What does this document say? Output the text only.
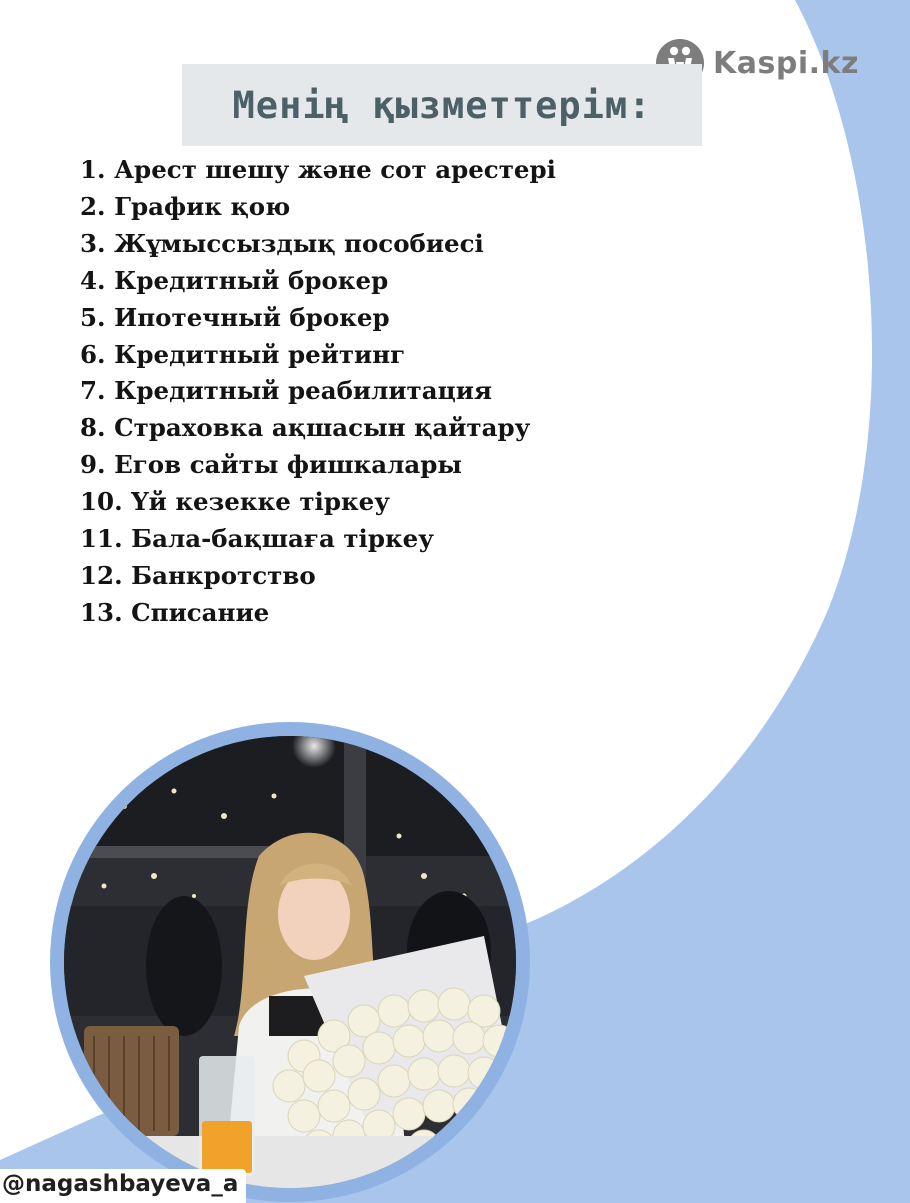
Kaspi.kz
Менің қызметтерім:
1. Арест шешу және сот арестері
2. График қою
3. Жұмыссыздық пособиесі
4. Кредитный брокер
5. Ипотечный брокер
6. Кредитный рейтинг
7. Кредитный реабилитация
8. Страховка ақшасын қайтару
9. Егов сайты фишкалары
10. Үй кезекке тіркеу
11. Бала-бақшаға тіркеу
12. Банкротство
13. Списание
@nagashbayeva_a
